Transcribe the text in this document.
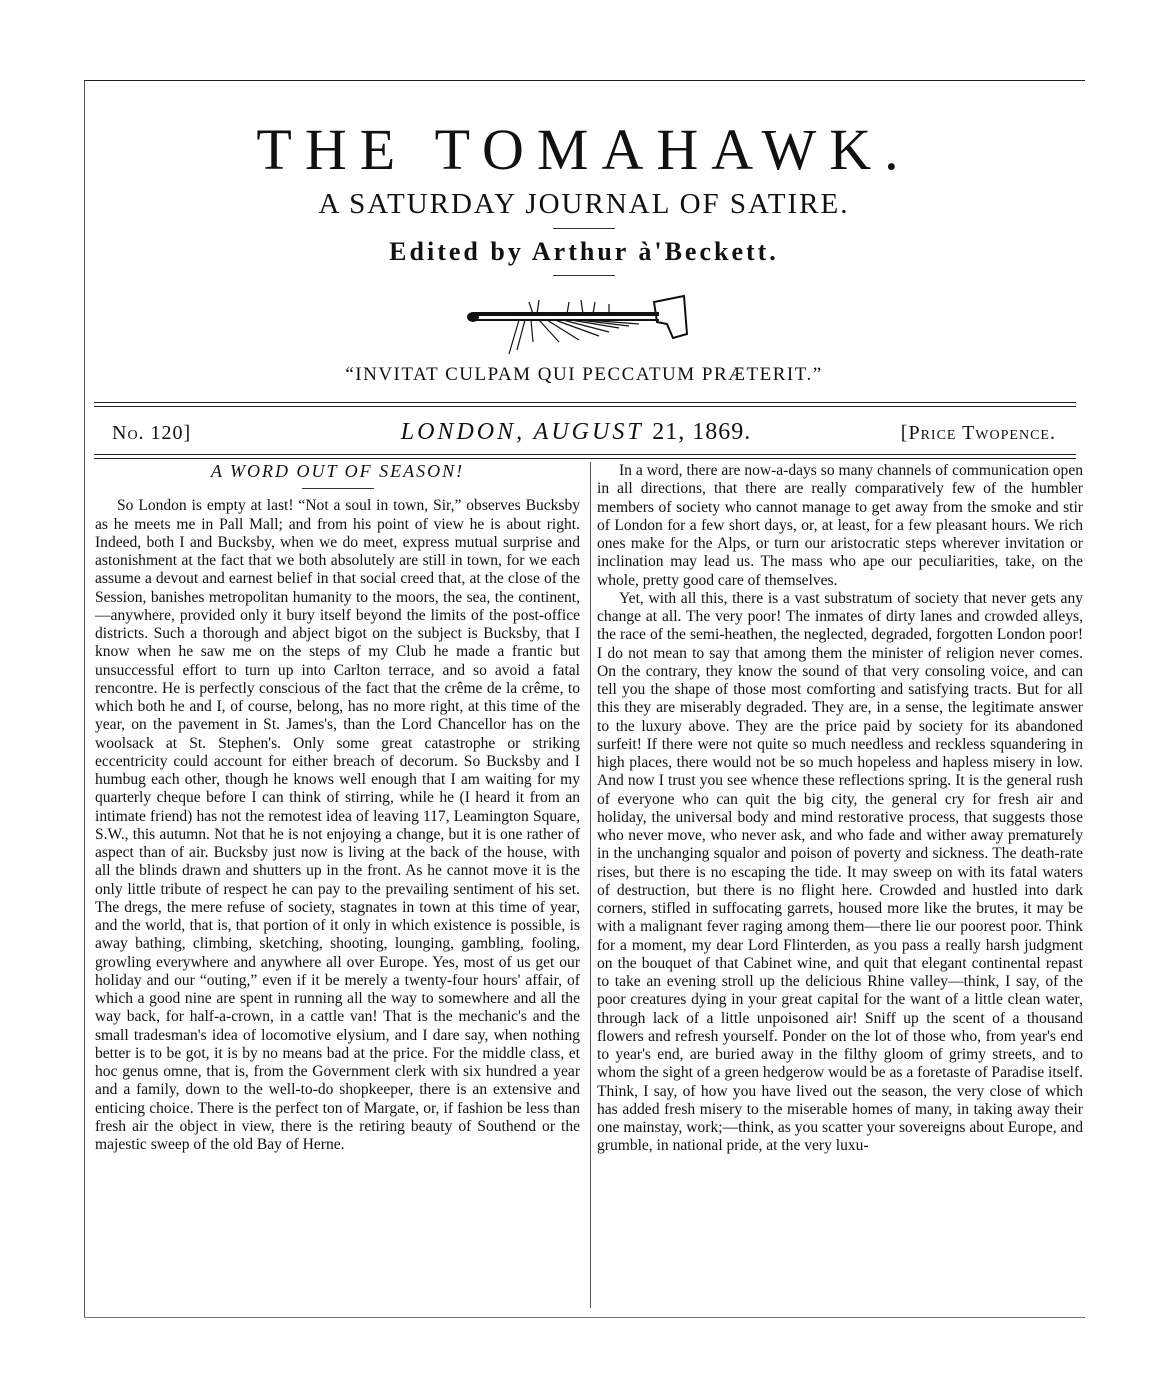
THE TOMAHAWK.
A SATURDAY JOURNAL OF SATIRE.
Edited by Arthur à'Beckett.
“INVITAT CULPAM QUI PECCATUM PRÆTERIT.”
No. 120]	LONDON, AUGUST 21, 1869.	[Price Twopence.
A WORD OUT OF SEASON!

So London is empty at last! “Not a soul in town, Sir,” observes Bucksby as he meets me in Pall Mall; and from his point of view he is about right. Indeed, both I and Bucksby, when we do meet, express mutual surprise and astonishment at the fact that we both absolutely are still in town, for we each assume a devout and earnest belief in that social creed that, at the close of the Session, banishes metropolitan humanity to the moors, the sea, the continent,—anywhere, provided only it bury itself beyond the limits of the post-office districts. Such a thorough and abject bigot on the subject is Bucksby, that I know when he saw me on the steps of my Club he made a frantic but unsuccessful effort to turn up into Carlton terrace, and so avoid a fatal rencontre. He is perfectly conscious of the fact that the crême de la crême, to which both he and I, of course, belong, has no more right, at this time of the year, on the pavement in St. James's, than the Lord Chancellor has on the woolsack at St. Stephen's. Only some great catastrophe or striking eccentricity could account for either breach of decorum. So Bucksby and I humbug each other, though he knows well enough that I am waiting for my quarterly cheque before I can think of stirring, while he (I heard it from an intimate friend) has not the remotest idea of leaving 117, Leamington Square, S.W., this autumn. Not that he is not enjoying a change, but it is one rather of aspect than of air. Bucksby just now is living at the back of the house, with all the blinds drawn and shutters up in the front. As he cannot move it is the only little tribute of respect he can pay to the prevailing sentiment of his set. The dregs, the mere refuse of society, stagnates in town at this time of year, and the world, that is, that portion of it only in which existence is possible, is away bathing, climbing, sketching, shooting, lounging, gambling, fooling, growling everywhere and anywhere all over Europe. Yes, most of us get our holiday and our “outing,” even if it be merely a twenty-four hours' affair, of which a good nine are spent in running all the way to somewhere and all the way back, for half-a-crown, in a cattle van! That is the mechanic's and the small tradesman's idea of locomotive elysium, and I dare say, when nothing better is to be got, it is by no means bad at the price. For the middle class, et hoc genus omne, that is, from the Government clerk with six hundred a year and a family, down to the well-to-do shopkeeper, there is an extensive and enticing choice. There is the perfect ton of Margate, or, if fashion be less than fresh air the object in view, there is the retiring beauty of Southend or the majestic sweep of the old Bay of Herne.

In a word, there are now-a-days so many channels of communication open in all directions, that there are really comparatively few of the humbler members of society who cannot manage to get away from the smoke and stir of London for a few short days, or, at least, for a few pleasant hours. We rich ones make for the Alps, or turn our aristocratic steps wherever invitation or inclination may lead us. The mass who ape our peculiarities, take, on the whole, pretty good care of themselves.

Yet, with all this, there is a vast substratum of society that never gets any change at all. The very poor! The inmates of dirty lanes and crowded alleys, the race of the semi-heathen, the neglected, degraded, forgotten London poor! I do not mean to say that among them the minister of religion never comes. On the contrary, they know the sound of that very consoling voice, and can tell you the shape of those most comforting and satisfying tracts. But for all this they are miserably degraded. They are, in a sense, the legitimate answer to the luxury above. They are the price paid by society for its abandoned surfeit! If there were not quite so much needless and reckless squandering in high places, there would not be so much hopeless and hapless misery in low. And now I trust you see whence these reflections spring. It is the general rush of everyone who can quit the big city, the general cry for fresh air and holiday, the universal body and mind restorative process, that suggests those who never move, who never ask, and who fade and wither away prematurely in the unchanging squalor and poison of poverty and sickness. The death-rate rises, but there is no escaping the tide. It may sweep on with its fatal waters of destruction, but there is no flight here. Crowded and hustled into dark corners, stifled in suffocating garrets, housed more like the brutes, it may be with a malignant fever raging among them—there lie our poorest poor. Think for a moment, my dear Lord Flinterden, as you pass a really harsh judgment on the bouquet of that Cabinet wine, and quit that elegant continental repast to take an evening stroll up the delicious Rhine valley—think, I say, of the poor creatures dying in your great capital for the want of a little clean water, through lack of a little unpoisoned air! Sniff up the scent of a thousand flowers and refresh yourself. Ponder on the lot of those who, from year's end to year's end, are buried away in the filthy gloom of grimy streets, and to whom the sight of a green hedgerow would be as a foretaste of Paradise itself. Think, I say, of how you have lived out the season, the very close of which has added fresh misery to the miserable homes of many, in taking away their one mainstay, work;—think, as you scatter your sovereigns about Europe, and grumble, in national pride, at the very luxu-
